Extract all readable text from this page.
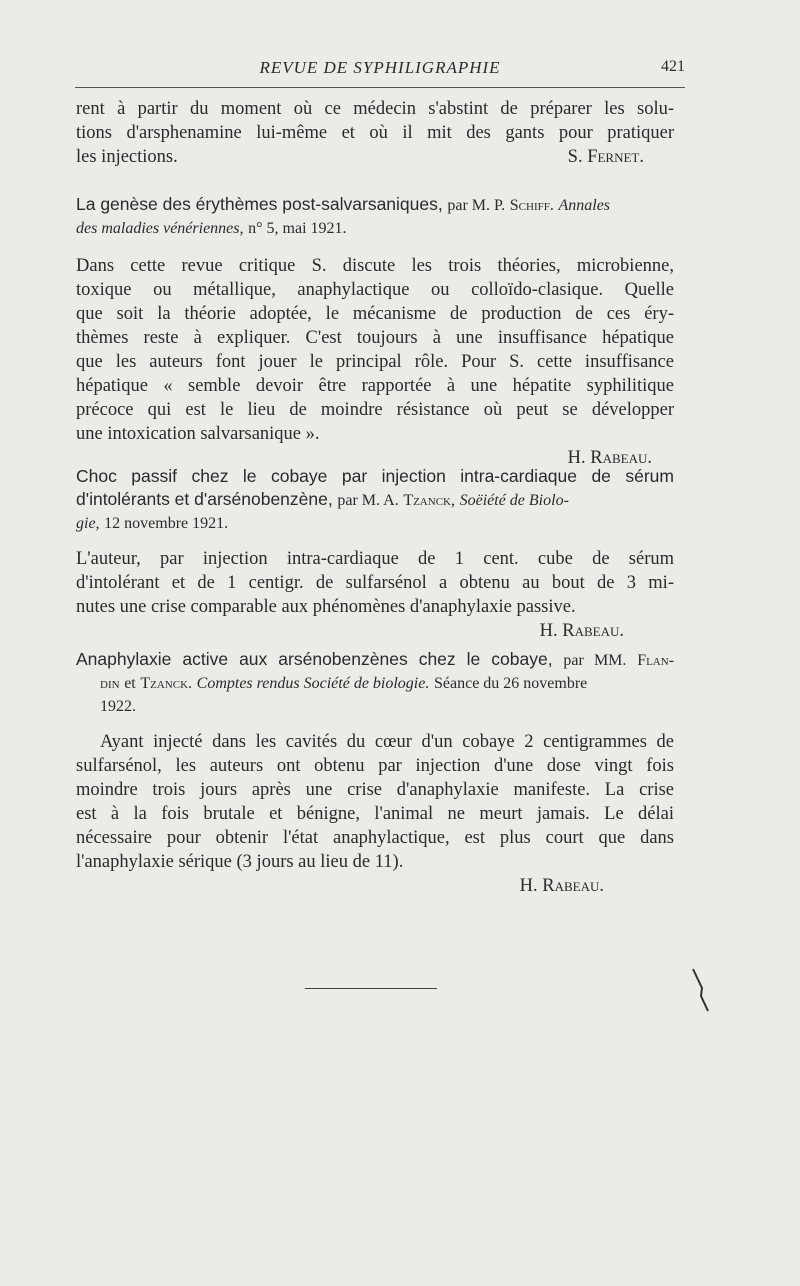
REVUE DE SYPHILIGRAPHIE	421

rent à partir du moment où ce médecin s'abstint de préparer les solu-
tions d'arsphenamine lui-même et où il mit des gants pour pratiquer
les injections.	S. Fernet.

La genèse des érythèmes post-salvarsaniques, par M. P. Schiff. Annales
des maladies vénériennes, n° 5, mai 1921.

Dans cette revue critique S. discute les trois théories, microbienne,
toxique ou métallique, anaphylactique ou colloïdo-clasique. Quelle
que soit la théorie adoptée, le mécanisme de production de ces éry-
thèmes reste à expliquer. C'est toujours à une insuffisance hépatique
que les auteurs font jouer le principal rôle. Pour S. cette insuffisance
hépatique « semble devoir être rapportée à une hépatite syphilitique
précoce qui est le lieu de moindre résistance où peut se développer
une intoxication salvarsanique ».
H. Rabeau.

Choc passif chez le cobaye par injection intra-cardiaque de sérum
d'intolérants et d'arsénobenzène, par M. A. Tzanck, Soëiété de Biolo-
gie, 12 novembre 1921.

L'auteur, par injection intra-cardiaque de 1 cent. cube de sérum
d'intolérant et de 1 centigr. de sulfarsénol a obtenu au bout de 3 mi-
nutes une crise comparable aux phénomènes d'anaphylaxie passive.
H. Rabeau.

Anaphylaxie active aux arsénobenzènes chez le cobaye, par MM. Flan-
din et Tzanck. Comptes rendus Société de biologie. Séance du 26 novembre
1922.

Ayant injecté dans les cavités du cœur d'un cobaye 2 centigrammes de
sulfarsénol, les auteurs ont obtenu par injection d'une dose vingt fois
moindre trois jours après une crise d'anaphylaxie manifeste. La crise
est à la fois brutale et bénigne, l'animal ne meurt jamais. Le délai
nécessaire pour obtenir l'état anaphylactique, est plus court que dans
l'anaphylaxie sérique (3 jours au lieu de 11).
H. Rabeau.
